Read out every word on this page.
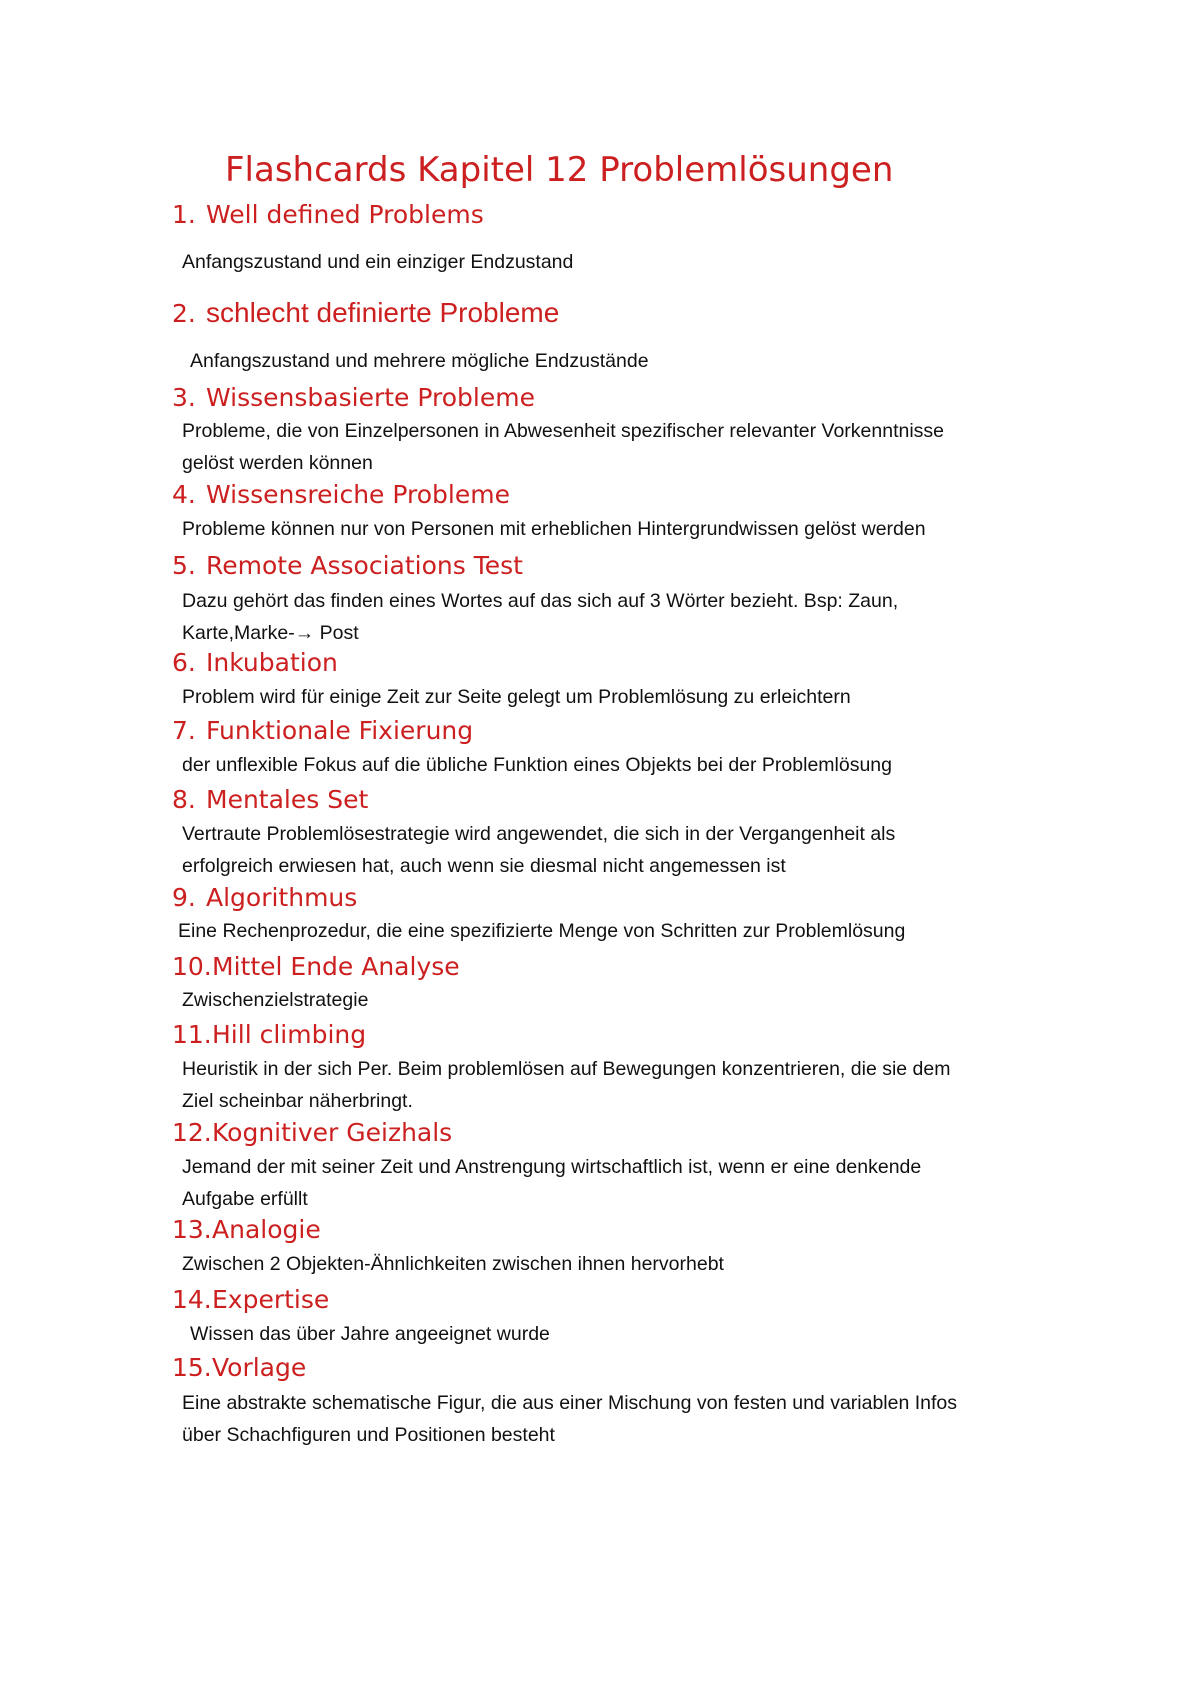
Flashcards Kapitel 12 Problemlösungen
1. Well defined Problems
Anfangszustand und ein einziger Endzustand
2. schlecht definierte Probleme
Anfangszustand und mehrere mögliche Endzustände
3. Wissensbasierte Probleme
Probleme, die von Einzelpersonen in Abwesenheit spezifischer relevanter Vorkenntnisse
gelöst werden können
4. Wissensreiche Probleme
Probleme können nur von Personen mit erheblichen Hintergrundwissen gelöst werden
5. Remote Associations Test
Dazu gehört das finden eines Wortes auf das sich auf 3 Wörter bezieht. Bsp: Zaun,
Karte,Marke-→ Post
6. Inkubation
Problem wird für einige Zeit zur Seite gelegt um Problemlösung zu erleichtern
7. Funktionale Fixierung
der unflexible Fokus auf die übliche Funktion eines Objekts bei der Problemlösung
8. Mentales Set
Vertraute Problemlösestrategie wird angewendet, die sich in der Vergangenheit als
erfolgreich erwiesen hat, auch wenn sie diesmal nicht angemessen ist
9. Algorithmus
Eine Rechenprozedur, die eine spezifizierte Menge von Schritten zur Problemlösung
10.Mittel Ende Analyse
Zwischenzielstrategie
11.Hill climbing
Heuristik in der sich Per. Beim problemlösen auf Bewegungen konzentrieren, die sie dem
Ziel scheinbar näherbringt.
12.Kognitiver Geizhals
Jemand der mit seiner Zeit und Anstrengung wirtschaftlich ist, wenn er eine denkende
Aufgabe erfüllt
13.Analogie
Zwischen 2 Objekten-Ähnlichkeiten zwischen ihnen hervorhebt
14.Expertise
Wissen das über Jahre angeeignet wurde
15.Vorlage
Eine abstrakte schematische Figur, die aus einer Mischung von festen und variablen Infos
über Schachfiguren und Positionen besteht
